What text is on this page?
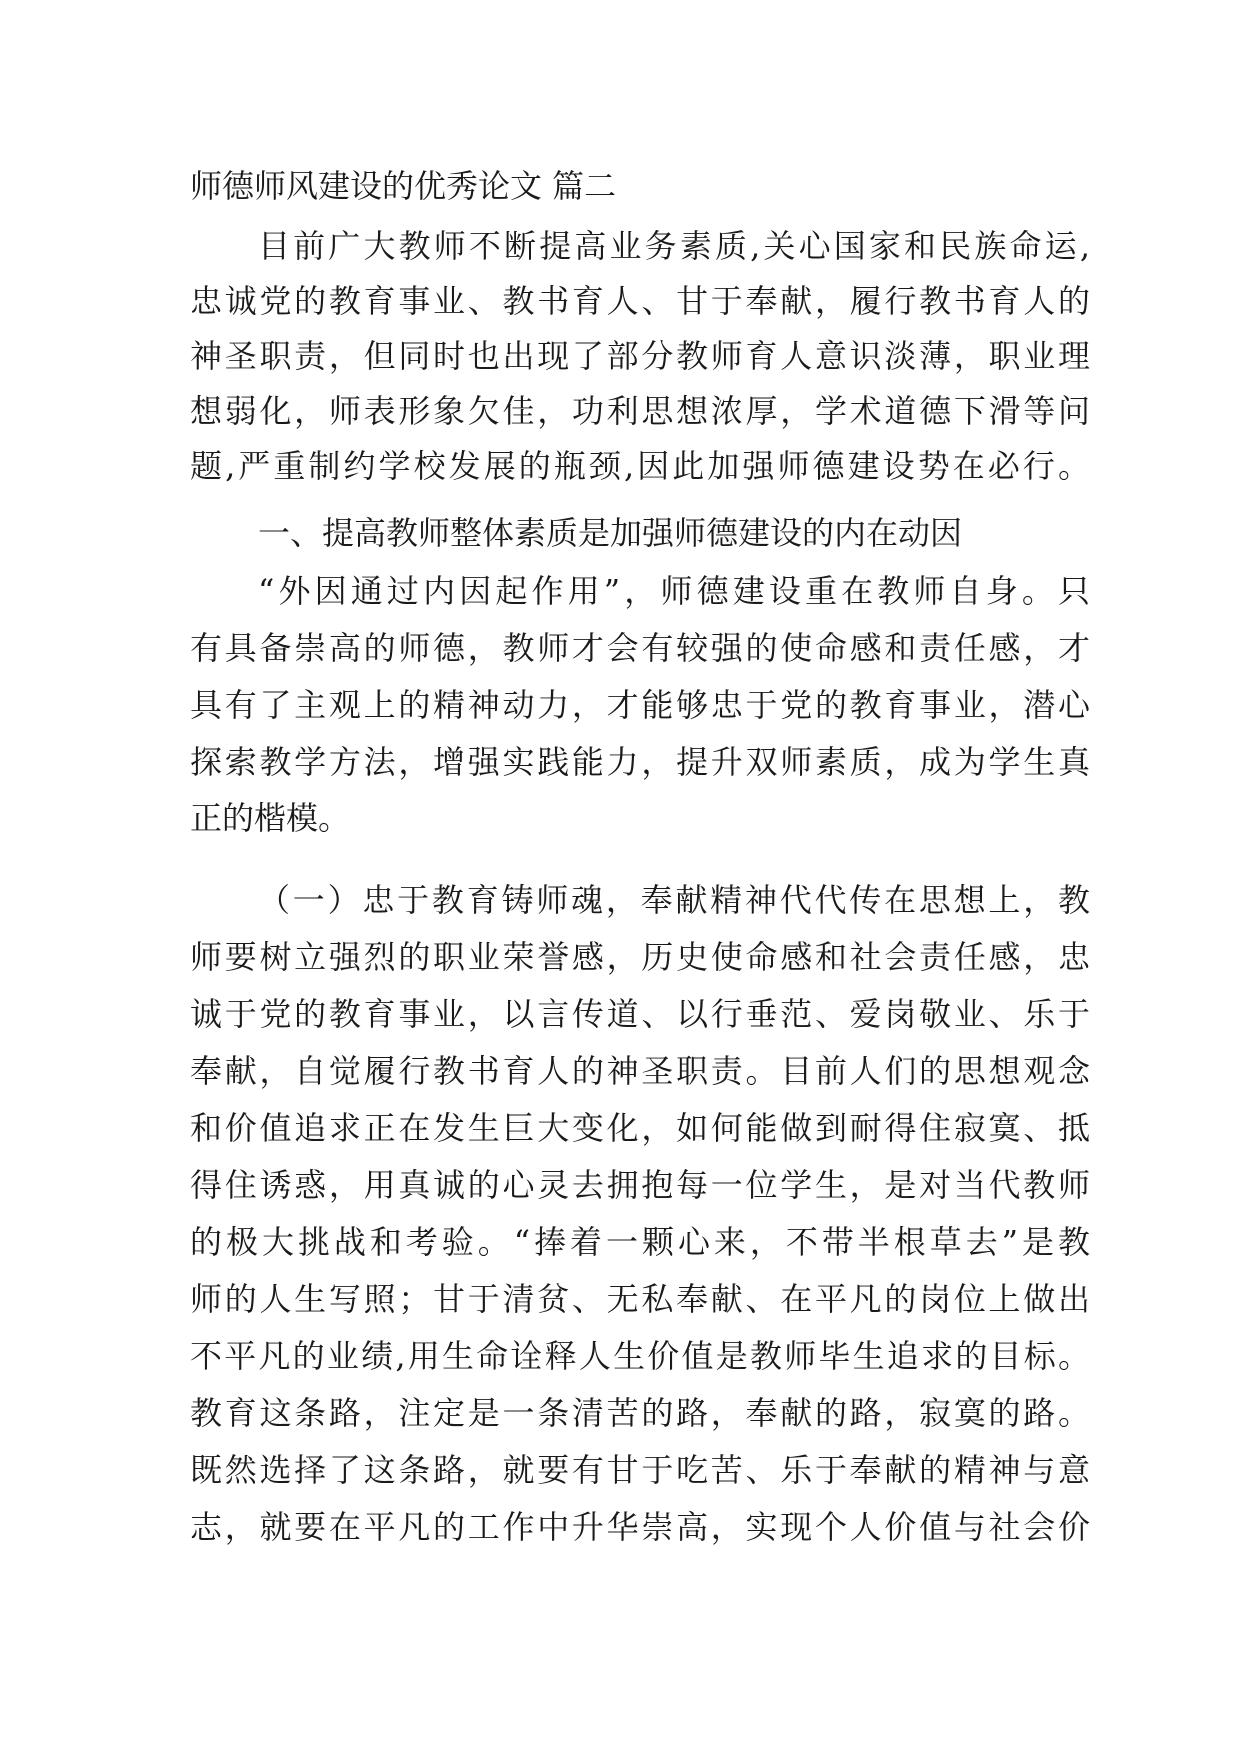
师德师风建设的优秀论文 篇二
目前广大教师不断提高业务素质,关心国家和民族命运,
忠诚党的教育事业、教书育人、甘于奉献，履行教书育人的
神圣职责，但同时也出现了部分教师育人意识淡薄，职业理
想弱化，师表形象欠佳，功利思想浓厚，学术道德下滑等问
题,严重制约学校发展的瓶颈,因此加强师德建设势在必行。
一、提高教师整体素质是加强师德建设的内在动因
“外因通过内因起作用”，师德建设重在教师自身。只
有具备崇高的师德，教师才会有较强的使命感和责任感，才
具有了主观上的精神动力，才能够忠于党的教育事业，潜心
探索教学方法，增强实践能力，提升双师素质，成为学生真
正的楷模。
（一）忠于教育铸师魂，奉献精神代代传在思想上，教
师要树立强烈的职业荣誉感，历史使命感和社会责任感，忠
诚于党的教育事业，以言传道、以行垂范、爱岗敬业、乐于
奉献，自觉履行教书育人的神圣职责。目前人们的思想观念
和价值追求正在发生巨大变化，如何能做到耐得住寂寞、抵
得住诱惑，用真诚的心灵去拥抱每一位学生，是对当代教师
的极大挑战和考验。“捧着一颗心来，不带半根草去”是教
师的人生写照；甘于清贫、无私奉献、在平凡的岗位上做出
不平凡的业绩,用生命诠释人生价值是教师毕生追求的目标。
教育这条路，注定是一条清苦的路，奉献的路，寂寞的路。
既然选择了这条路，就要有甘于吃苦、乐于奉献的精神与意
志，就要在平凡的工作中升华崇高，实现个人价值与社会价
